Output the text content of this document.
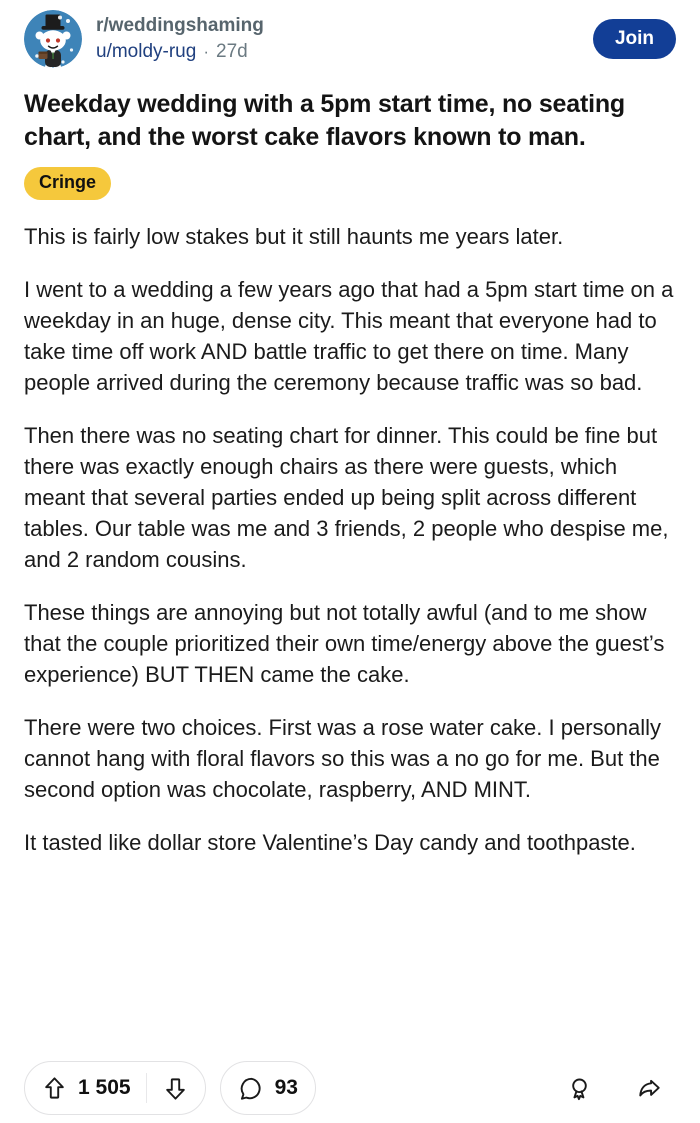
r/weddingshaming
u/moldy-rug · 27d
Join
Weekday wedding with a 5pm start time, no seating chart, and the worst cake flavors known to man.
Cringe

This is fairly low stakes but it still haunts me years later.

I went to a wedding a few years ago that had a 5pm start time on a weekday in an huge, dense city. This meant that everyone had to take time off work AND battle traffic to get there on time. Many people arrived during the ceremony because traffic was so bad.

Then there was no seating chart for dinner. This could be fine but there was exactly enough chairs as there were guests, which meant that several parties ended up being split across different tables. Our table was me and 3 friends, 2 people who despise me, and 2 random cousins.

These things are annoying but not totally awful (and to me show that the couple prioritized their own time/energy above the guest’s experience) BUT THEN came the cake.

There were two choices. First was a rose water cake. I personally cannot hang with floral flavors so this was a no go for me. But the second option was chocolate, raspberry, AND MINT.

It tasted like dollar store Valentine’s Day candy and toothpaste.

1 505	93
